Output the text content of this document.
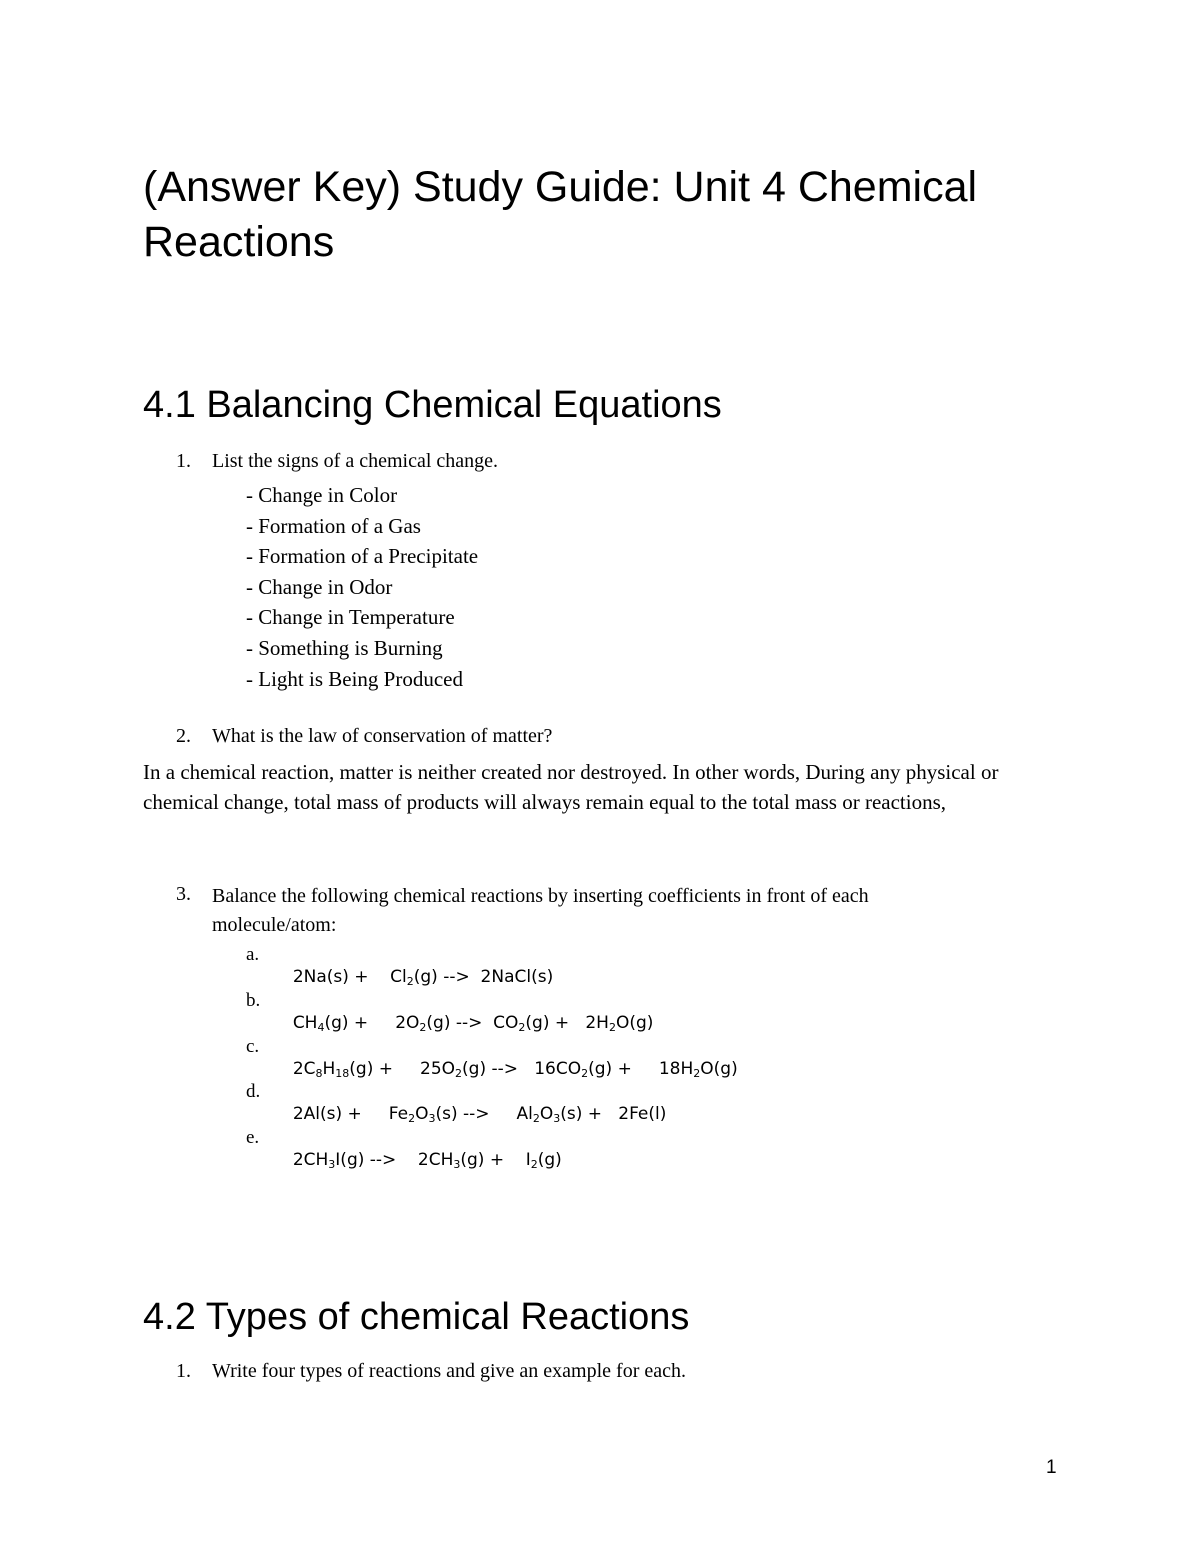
(Answer Key) Study Guide: Unit 4 Chemical Reactions
4.1 Balancing Chemical Equations
1. List the signs of a chemical change.
- Change in Color
- Formation of a Gas
- Formation of a Precipitate
- Change in Odor
- Change in Temperature
- Something is Burning
- Light is Being Produced
2. What is the law of conservation of matter?
In a chemical reaction, matter is neither created nor destroyed. In other words, During any physical or chemical change, total mass of products will always remain equal to the total mass or reactions,
3. Balance the following chemical reactions by inserting coefficients in front of each molecule/atom:
a.

2Na(s) +    $Cl_2(g)$ -->  2NaCl(s)

b.

$CH_4(g)$ +     $2O_2(g)$ -->  $CO_2(g) + 2H_2O(g)$

c.

$2C_8H_{18}(g)$ +     $25O_2(g)$ -->   $16CO_2(g)$ +     $18H_2O(g)$

d.

2Al(s) +     $Fe_2O_3(s)$ -->     $Al_2O_3(s) + 2Fe(l)$

e.

$2CH_3I(g)$ -->    $2CH_3(g)$ +    $I_2(g)$

4.2 Types of chemical Reactions
1. Write four types of reactions and give an example for each.
1
